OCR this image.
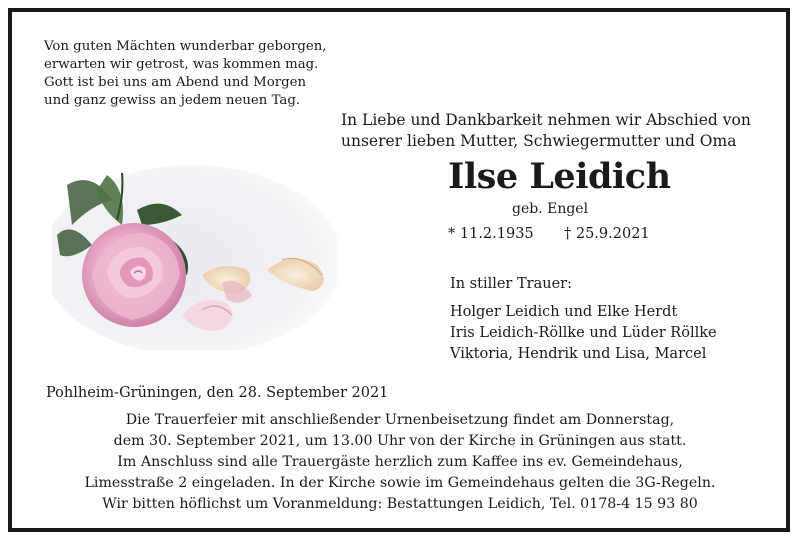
Von guten Mächten wunderbar geborgen,
erwarten wir getrost, was kommen mag.
Gott ist bei uns am Abend und Morgen
und ganz gewiss an jedem neuen Tag.
In Liebe und Dankbarkeit nehmen wir Abschied von
unserer lieben Mutter, Schwiegermutter und Oma
Ilse Leidich
geb. Engel
* 11.2.1935 † 25.9.2021
In stiller Trauer:
Holger Leidich und Elke Herdt
Iris Leidich-Röllke und Lüder Röllke
Viktoria, Hendrik und Lisa, Marcel
Pohlheim-Grüningen, den 28. September 2021
Die Trauerfeier mit anschließender Urnenbeisetzung findet am Donnerstag,
dem 30. September 2021, um 13.00 Uhr von der Kirche in Grüningen aus statt.
Im Anschluss sind alle Trauergäste herzlich zum Kaffee ins ev. Gemeindehaus,
Limesstraße 2 eingeladen. In der Kirche sowie im Gemeindehaus gelten die 3G-Regeln.
Wir bitten höflichst um Voranmeldung: Bestattungen Leidich, Tel. 0178-4 15 93 80
